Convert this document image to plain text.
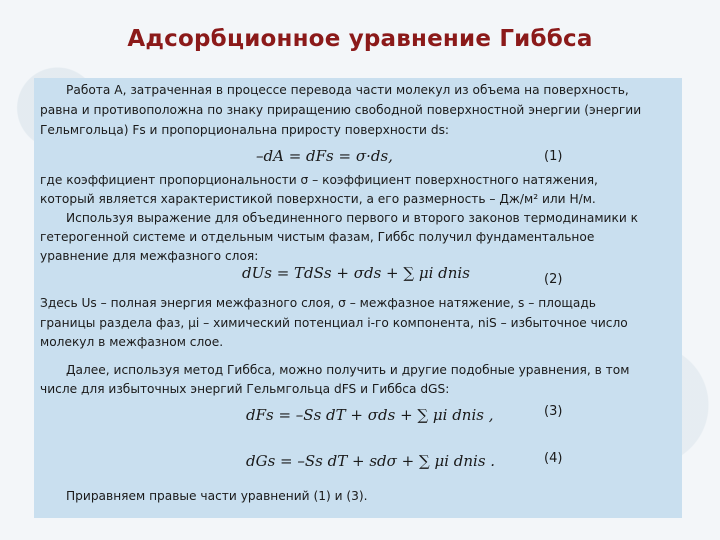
Адсорбционное уравнение Гиббса
Работа A, затраченная в процессе перевода части молекул из объема на поверхность,
равна и противоположна по знаку приращению свободной поверхностной энергии (энергии
Гельмгольца) Fs и пропорциональна приросту поверхности ds:
–dA = dFs = σ·ds,	(1)
где коэффициент пропорциональности σ – коэффициент поверхностного натяжения,
который является характеристикой поверхности, а его размерность – Дж/м² или Н/м.
Используя выражение для объединенного первого и второго законов термодинамики к
гетерогенной системе и отдельным чистым фазам, Гиббс получил фундаментальное
уравнение для межфазного слоя:
dUs = TdSs + σds + ∑ μi dnis	(2)
Здесь Us – полная энергия межфазного слоя, σ – межфазное натяжение, s – площадь
границы раздела фаз, μi – химический потенциал i-го компонента, niS – избыточное число
молекул в межфазном слое.
Далее, используя метод Гиббса, можно получить и другие подобные уравнения, в том
числе для избыточных энергий Гельмгольца dFS и Гиббса dGS:
dFs = –Ss dT + σds + ∑ μi dnis ,	(3)
dGs = –Ss dT + sdσ + ∑ μi dnis .	(4)
Приравняем правые части уравнений (1) и (3).
